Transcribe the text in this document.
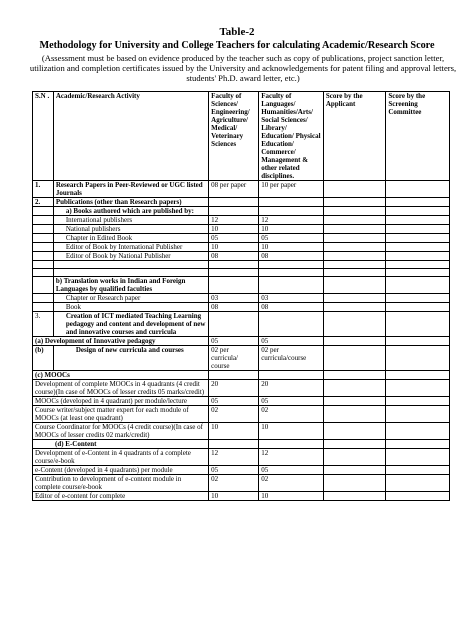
Table-2
Methodology for University and College Teachers for calculating Academic/Research Score
(Assessment must be based on evidence produced by the teacher such as copy of publications, project sanction letter, utilization and completion certificates issued by the University and acknowledgements for patent filing and approval letters, students' Ph.D. award letter, etc.)
S.N .	Academic/Research Activity	Faculty of Sciences/ Engineering/ Agriculture/ Medical/ Veterinary Sciences	Faculty of Languages/ Humanities/Arts/ Social Sciences/ Library/ Education/ Physical Education/ Commerce/ Management & other related disciplines.	Score by the Applicant	Score by the Screening Committee
1.	Research Papers in Peer-Reviewed or UGC listed Journals	08 per paper	10 per paper		
2.	Publications (other than Research papers)				
	a) Books authored which are published by:				
	International publishers	12	12		
	National publishers	10	10		
	Chapter in Edited Book	05	05		
	Editor of Book by International Publisher	10	10		
	Editor of Book by National Publisher	08	08		

	b) Translation works in Indian and Foreign Languages by qualified faculties				
	Chapter or Research paper	03	03		
	Book	08	08		
3.	Creation of ICT mediated Teaching Learning pedagogy and content and development of new and innovative courses and curricula				
(a) Development of Innovative pedagogy		05	05		
(b)	Design of new curricula and courses	02 per curricula/ course	02 per curricula/course		
(c) MOOCs					
Development of complete MOOCs in 4 quadrants (4 credit course)(In case of MOOCs of lesser credits 05 marks/credit)		20	20		
MOOCs (developed in 4 quadrant) per module/lecture		05	05		
Course writer/subject matter expert for each module of MOOCs (at least one quadrant)		02	02		
Course Coordinator for MOOCs (4 credit course)(In case of MOOCs of lesser credits 02 mark/credit)		10	10		
(d) E-Content					
Development of e-Content in 4 quadrants of a complete course/e-book		12	12		
e-Content (developed in 4 quadrants) per module		05	05		
Contribution to development of e-content module in complete course/e-book		02	02		
Editor of e-content for complete		10	10		
